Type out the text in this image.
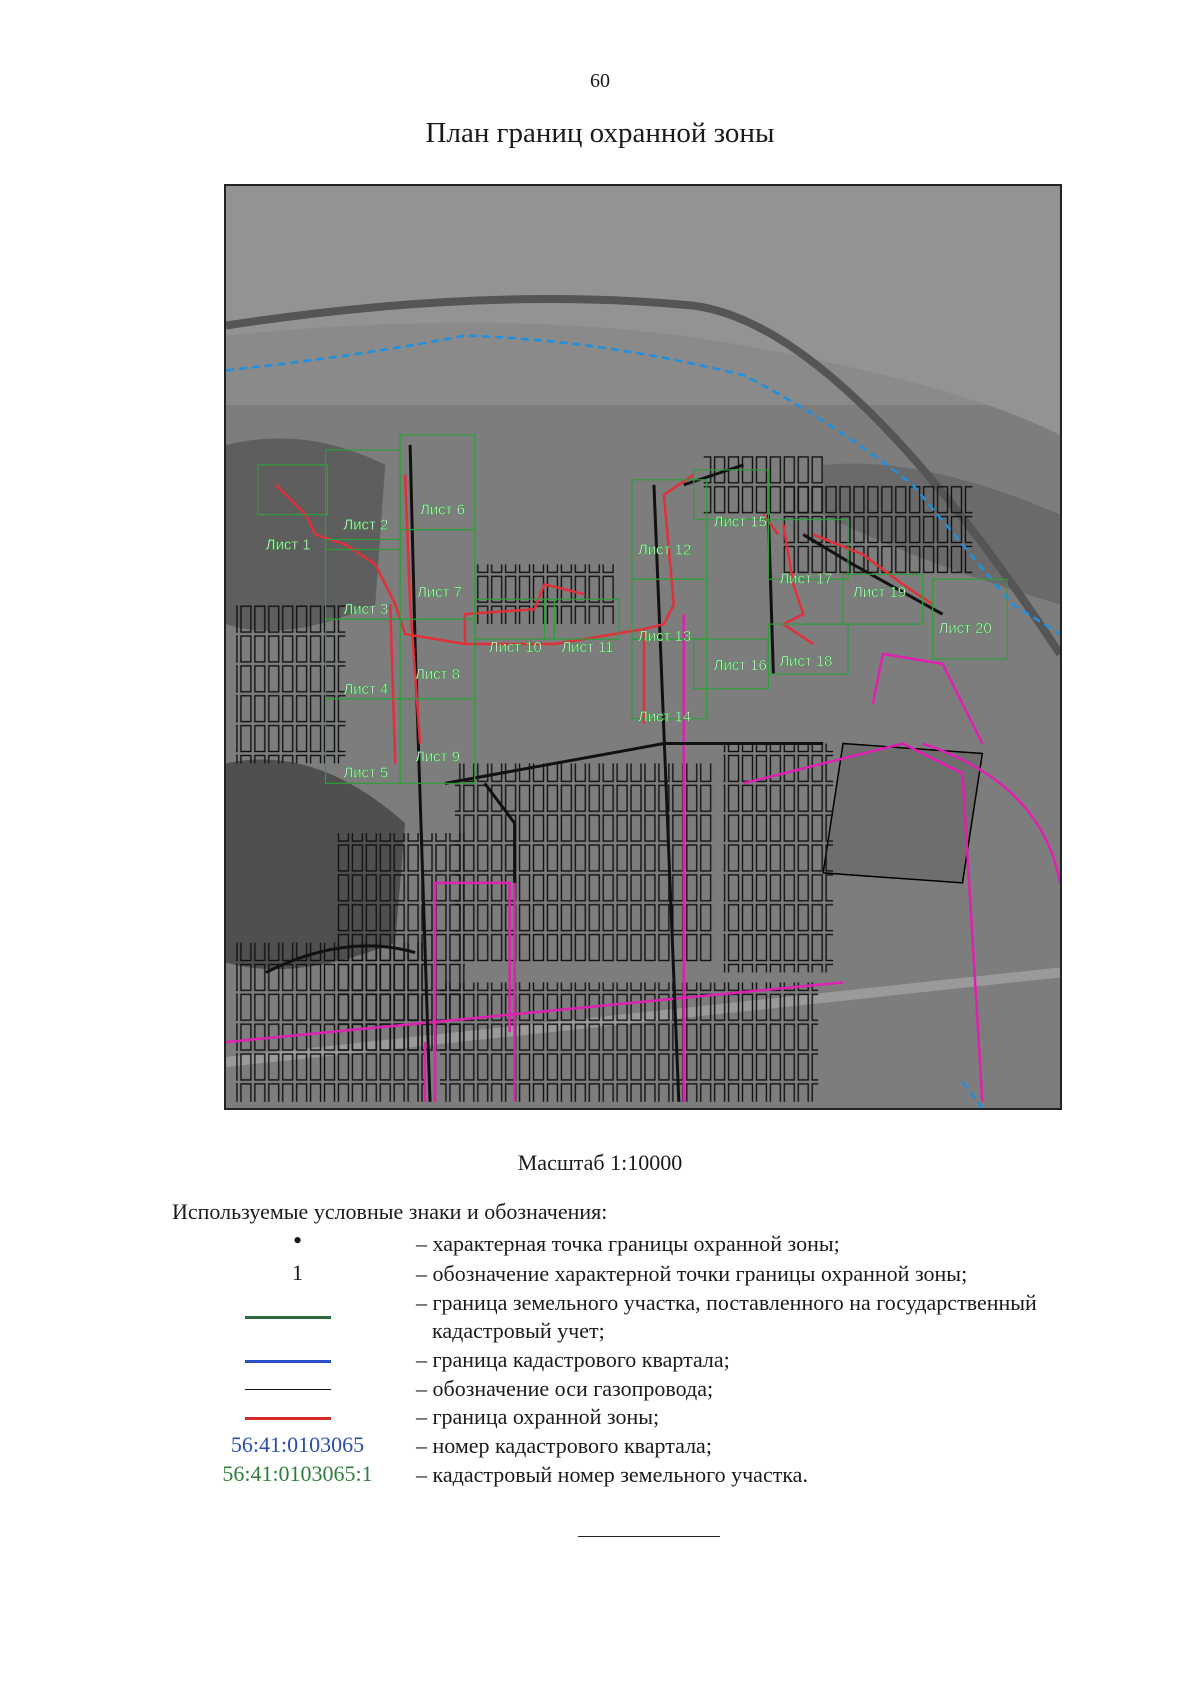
60
План границ охранной зоны
Лист 1
Лист 2
Лист 3
Лист 4
Лист 5
Лист 6
Лист 7
Лист 8
Лист 9
Лист 10 Лист 11
Лист 12
Лист 13
Лист 14
Лист 15
Лист 16
Лист 17
Лист 18
Лист 19
Лист 20
Масштаб 1:10000
Используемые условные знаки и обозначения:
•	– характерная точка границы охранной зоны;
1	– обозначение характерной точки границы охранной зоны;
– граница земельного участка, поставленного на государственный
кадастровый учет;
– граница кадастрового квартала;
– обозначение оси газопровода;
– граница охранной зоны;
56:41:0103065	– номер кадастрового квартала;
56:41:0103065:1	– кадастровый номер земельного участка.
